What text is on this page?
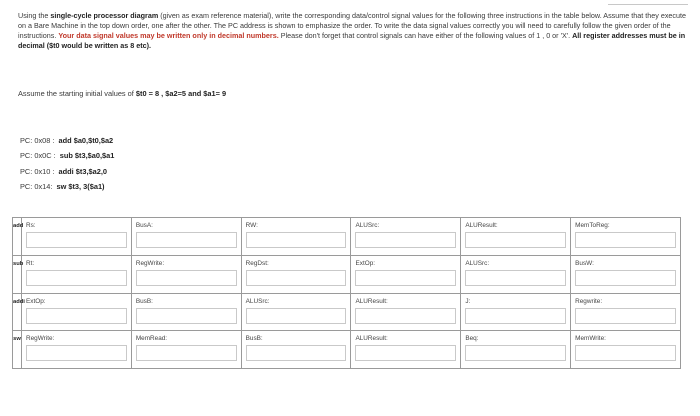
Using the single-cycle processor diagram (given as exam reference material), write the corresponding data/control signal values for the following three instructions in the table below. Assume that they execute on a Bare Machine in the top down order, one after the other. The PC address is shown to emphasize the order. To write the data signal values correctly you will need to carefully follow the given order of the instructions. Your data signal values may be written only in decimal numbers. Please don't forget that control signals can have either of the following values of 1 , 0 or 'X'. All register addresses must be in decimal ($t0 would be written as 8 etc).
Assume the starting initial values of $t0 = 8 , $a2=5 and $a1= 9
PC: 0x08 : add $a0,$t0,$a2
PC: 0x0C : sub $t3,$a0,$a1
PC: 0x10 : addi $t3,$a2,0
PC: 0x14: sw $t3, 3($a1)
add	Rs:	BusA:	RW:	ALUSrc:	ALUResult:	MemToReg:

sub	Rt:	RegWrite:	RegDst:	ExtOp:	ALUSrc:	BusW:

addi	ExtOp:	BusB:	ALUSrc:	ALUResult:	J:	Regwrite:

sw	RegWrite:	MemRead:	BusB:	ALUResult:	Beq:	MemWrite:
